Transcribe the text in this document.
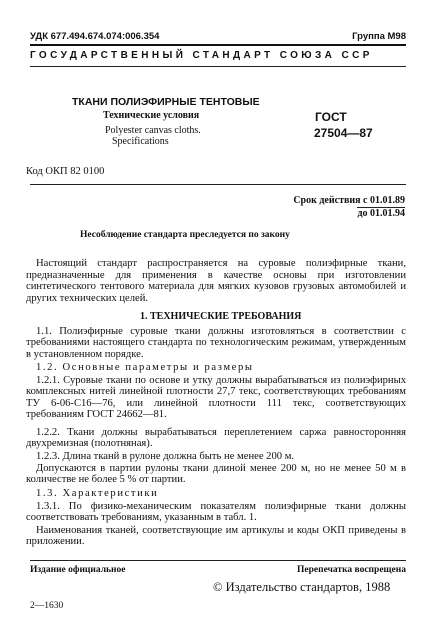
УДК 677.494.674.074:006.354	Группа М98
ГОСУДАРСТВЕННЫЙ СТАНДАРТ СОЮЗА ССР
ТКАНИ ПОЛИЭФИРНЫЕ ТЕНТОВЫЕ
Технические условия
Polyester canvas cloths.
Specifications
ГОСТ
27504—87
Код ОКП 82 0100
Срок действия с 01.01.89
до 01.01.94
Несоблюдение стандарта преследуется по закону
Настоящий стандарт распространяется на суровые полиэфирные ткани, предназначенные для применения в качестве основы при изготовлении синтетического тентового материала для мягких кузовов грузовых автомобилей и других технических целей.
1. ТЕХНИЧЕСКИЕ ТРЕБОВАНИЯ
1.1. Полиэфирные суровые ткани должны изготовляться в соответствии с требованиями настоящего стандарта по технологическим режимам, утвержденным в установленном порядке.
1.2. Основные параметры и размеры
1.2.1. Суровые ткани по основе и утку должны вырабатываться из полиэфирных комплексных нитей линейной плотности 27,7 текс, соответствующих требованиям ТУ 6-06-С16—76, или линейной плотности 111 текс, соответствующих требованиям ГОСТ 24662—81.
1.2.2. Ткани должны вырабатываться переплетением саржа равносторонняя двухремизная (полотняная).
1.2.3. Длина тканй в рулоне должна быть не менее 200 м.
Допускаются в партии рулоны ткани длиной менее 200 м, но не менее 50 м в количестве не более 5 % от партии.
1.3. Характеристики
1.3.1. По физико-механическим показателям полиэфирные ткани должны соответствовать требованиям, указанным в табл. 1.
Наименования тканей, соответствующие им артикулы и коды ОКП приведены в приложении.
Издание официальное	Перепечатка воспрещена
© Издательство стандартов, 1988
2—1630
